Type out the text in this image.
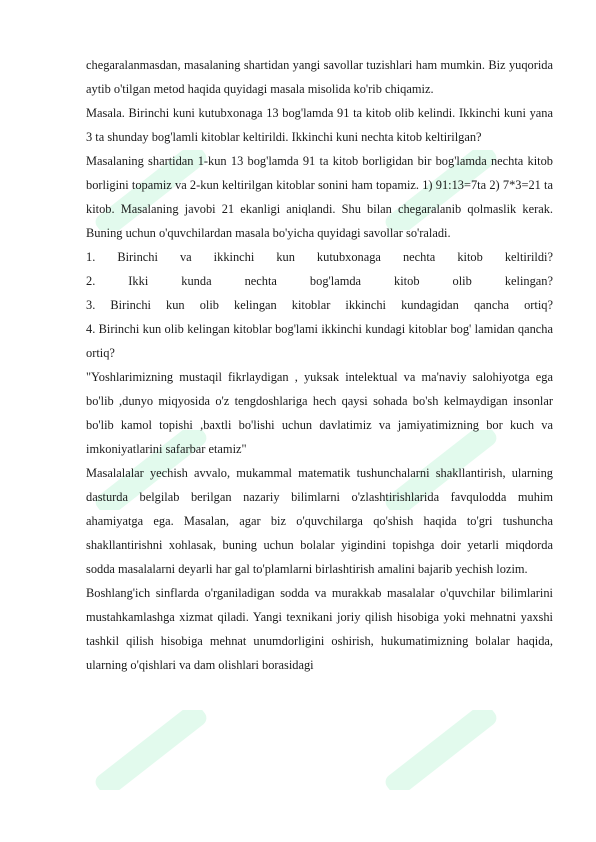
chegaralanmasdan, masalaning shartidan yangi savollar tuzishlari ham mumkin. Biz yuqorida aytib o'tilgan metod haqida quyidagi masala misolida ko'rib chiqamiz.

Masala. Birinchi kuni kutubxonaga 13 bog'lamda 91 ta kitob olib kelindi. Ikkinchi kuni yana 3 ta shunday bog'lamli kitoblar keltirildi. Ikkinchi kuni nechta kitob keltirilgan?

Masalaning shartidan 1-kun 13 bog'lamda 91 ta kitob borligidan bir bog'lamda nechta kitob borligini topamiz va 2-kun keltirilgan kitoblar sonini ham topamiz. 1) 91:13=7ta 2) 7*3=21 ta kitob. Masalaning javobi 21 ekanligi aniqlandi. Shu bilan chegaralanib qolmaslik kerak. Buning uchun o'quvchilardan masala bo'yicha quyidagi savollar so'raladi.

1. Birinchi va ikkinchi kun kutubxonaga nechta kitob keltirildi?

2. Ikki kunda nechta bog'lamda kitob olib kelingan?

3. Birinchi kun olib kelingan kitoblar ikkinchi kundagidan qancha ortiq?

4. Birinchi kun olib kelingan kitoblar bog'lami ikkinchi kundagi kitoblar bog' lamidan qancha ortiq?

"Yoshlarimizning mustaqil fikrlaydigan , yuksak intelektual va ma'naviy salohiyotga ega bo'lib ,dunyo miqyosida o'z tengdoshlariga hech qaysi sohada bo'sh kelmaydigan insonlar bo'lib kamol topishi ,baxtli bo'lishi uchun davlatimiz va jamiyatimizning bor kuch va imkoniyatlarini safarbar etamiz"

Masalalalar yechish avvalo, mukammal matematik tushunchalarni shakllantirish, ularning dasturda belgilab berilgan nazariy bilimlarni o'zlashtirishlarida favqulodda muhim ahamiyatga ega. Masalan, agar biz o'quvchilarga qo'shish haqida to'gri tushuncha shakllantirishni xohlasak, buning uchun bolalar yigindini topishga doir yetarli miqdorda sodda masalalarni deyarli har gal to'plamlarni birlashtirish amalini bajarib yechish lozim.

Boshlang'ich sinflarda o'rganiladigan sodda va murakkab masalalar o'quvchilar bilimlarini mustahkamlashga xizmat qiladi. Yangi texnikani joriy qilish hisobiga yoki mehnatni yaxshi tashkil qilish hisobiga mehnat unumdorligini oshirish, hukumatimizning bolalar haqida, ularning o'qishlari va dam olishlari borasidagi
